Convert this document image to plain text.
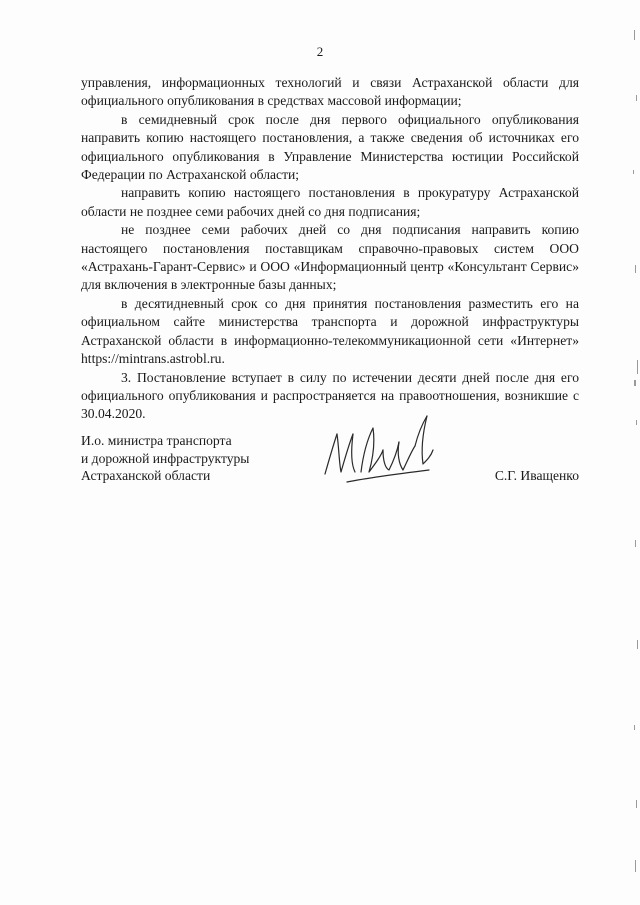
2

управления, информационных технологий и связи Астраханской области для официального опубликования в средствах массовой информации;

в семидневный срок после дня первого официального опубликования направить копию настоящего постановления, а также сведения об источниках его официального опубликования в Управление Министерства юстиции Российской Федерации по Астраханской области;

направить копию настоящего постановления в прокуратуру Астраханской области не позднее семи рабочих дней со дня подписания;

не позднее семи рабочих дней со дня подписания направить копию настоящего постановления поставщикам справочно-правовых систем ООО «Астрахань-Гарант-Сервис» и ООО «Информационный центр «Консультант Сервис» для включения в электронные базы данных;

в десятидневный срок со дня принятия постановления разместить его на официальном сайте министерства транспорта и дорожной инфраструктуры Астраханской области в информационно-телекоммуникационной сети «Интернет» https://mintrans.astrobl.ru.

3. Постановление вступает в силу по истечении десяти дней после дня его официального опубликования и распространяется на правоотношения, возникшие с 30.04.2020.

И.о. министра транспорта
и дорожной инфраструктуры
Астраханской области	С.Г. Иващенко
